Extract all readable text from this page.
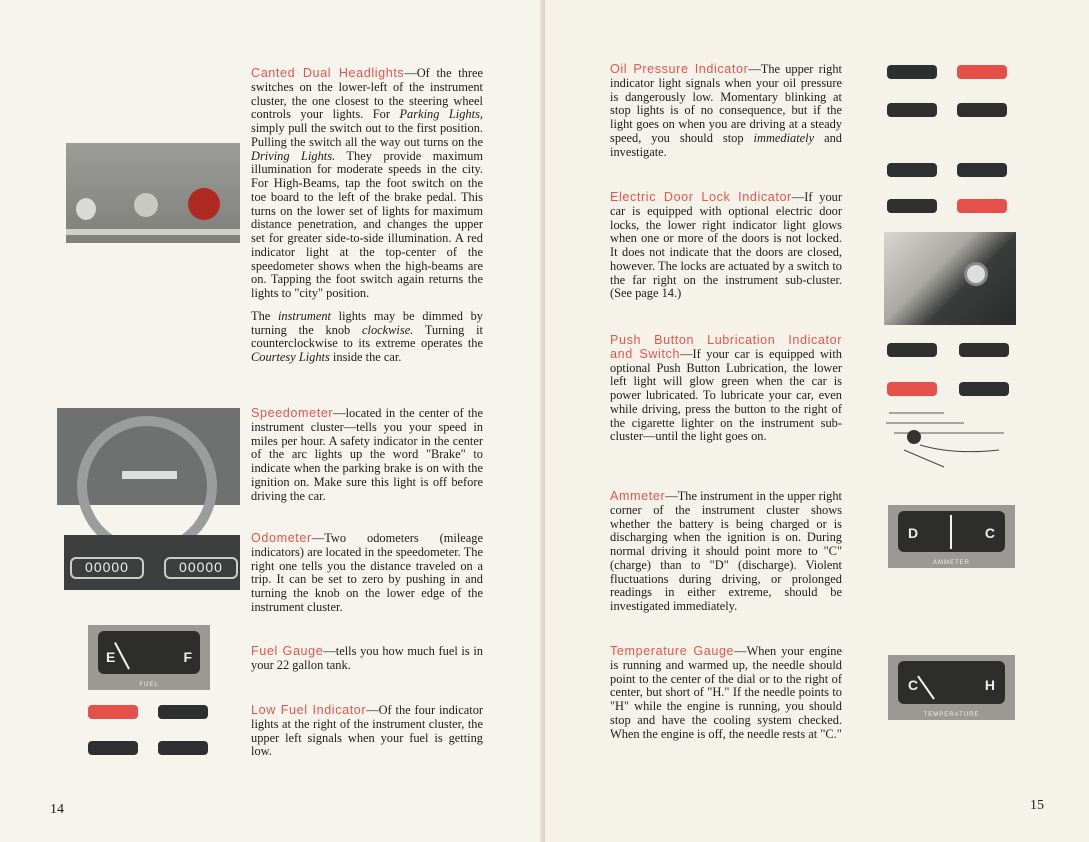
Canted Dual Headlights—Of the three switches on the lower-left of the instrument cluster, the one closest to the steering wheel controls your lights. For Parking Lights, simply pull the switch out to the first position. Pulling the switch all the way out turns on the Driving Lights. They provide maximum illumination for moderate speeds in the city. For High-Beams, tap the foot switch on the toe board to the left of the brake pedal. This turns on the lower set of lights for maximum distance penetration, and changes the upper set for greater side-to-side illumination. A red indicator light at the top-center of the speedometer shows when the high-beams are on. Tapping the foot switch again returns the lights to "city" position.

The instrument lights may be dimmed by turning the knob clockwise. Turning it counterclockwise to its extreme operates the Courtesy Lights inside the car.

Speedometer—located in the center of the instrument cluster—tells you your speed in miles per hour. A safety indicator in the center of the arc lights up the word "Brake" to indicate when the parking brake is on with the ignition on. Make sure this light is off before driving the car.

Odometer—Two odometers (mileage indicators) are located in the speedometer. The right one tells you the distance traveled on a trip. It can be set to zero by pushing in and turning the knob on the lower edge of the instrument cluster.

Fuel Gauge—tells you how much fuel is in your 22 gallon tank.

Low Fuel Indicator—Of the four indicator lights at the right of the instrument cluster, the upper left signals when your fuel is getting low.

00000	00000
E	F
FUEL
14

Oil Pressure Indicator—The upper right indicator light signals when your oil pressure is dangerously low. Momentary blinking at stop lights is of no consequence, but if the light goes on when you are driving at a steady speed, you should stop immediately and investigate.

Electric Door Lock Indicator—If your car is equipped with optional electric door locks, the lower right indicator light glows when one or more of the doors is not locked. It does not indicate that the doors are closed, however. The locks are actuated by a switch to the far right on the instrument sub-cluster. (See page 14.)

Push Button Lubrication Indicator and Switch—If your car is equipped with optional Push Button Lubrication, the lower left light will glow green when the car is power lubricated. To lubricate your car, even while driving, press the button to the right of the cigarette lighter on the instrument sub-cluster—until the light goes on.

Ammeter—The instrument in the upper right corner of the instrument cluster shows whether the battery is being charged or is discharging when the ignition is on. During normal driving it should point more to "C" (charge) than to "D" (discharge). Violent fluctuations during driving, or prolonged readings in either extreme, should be investigated immediately.

Temperature Gauge—When your engine is running and warmed up, the needle should point to the center of the dial or to the right of center, but short of "H." If the needle points to "H" while the engine is running, you should stop and have the cooling system checked. When the engine is off, the needle rests at "C."

D	C
AMMETER
C	H
TEMPERATURE
15
